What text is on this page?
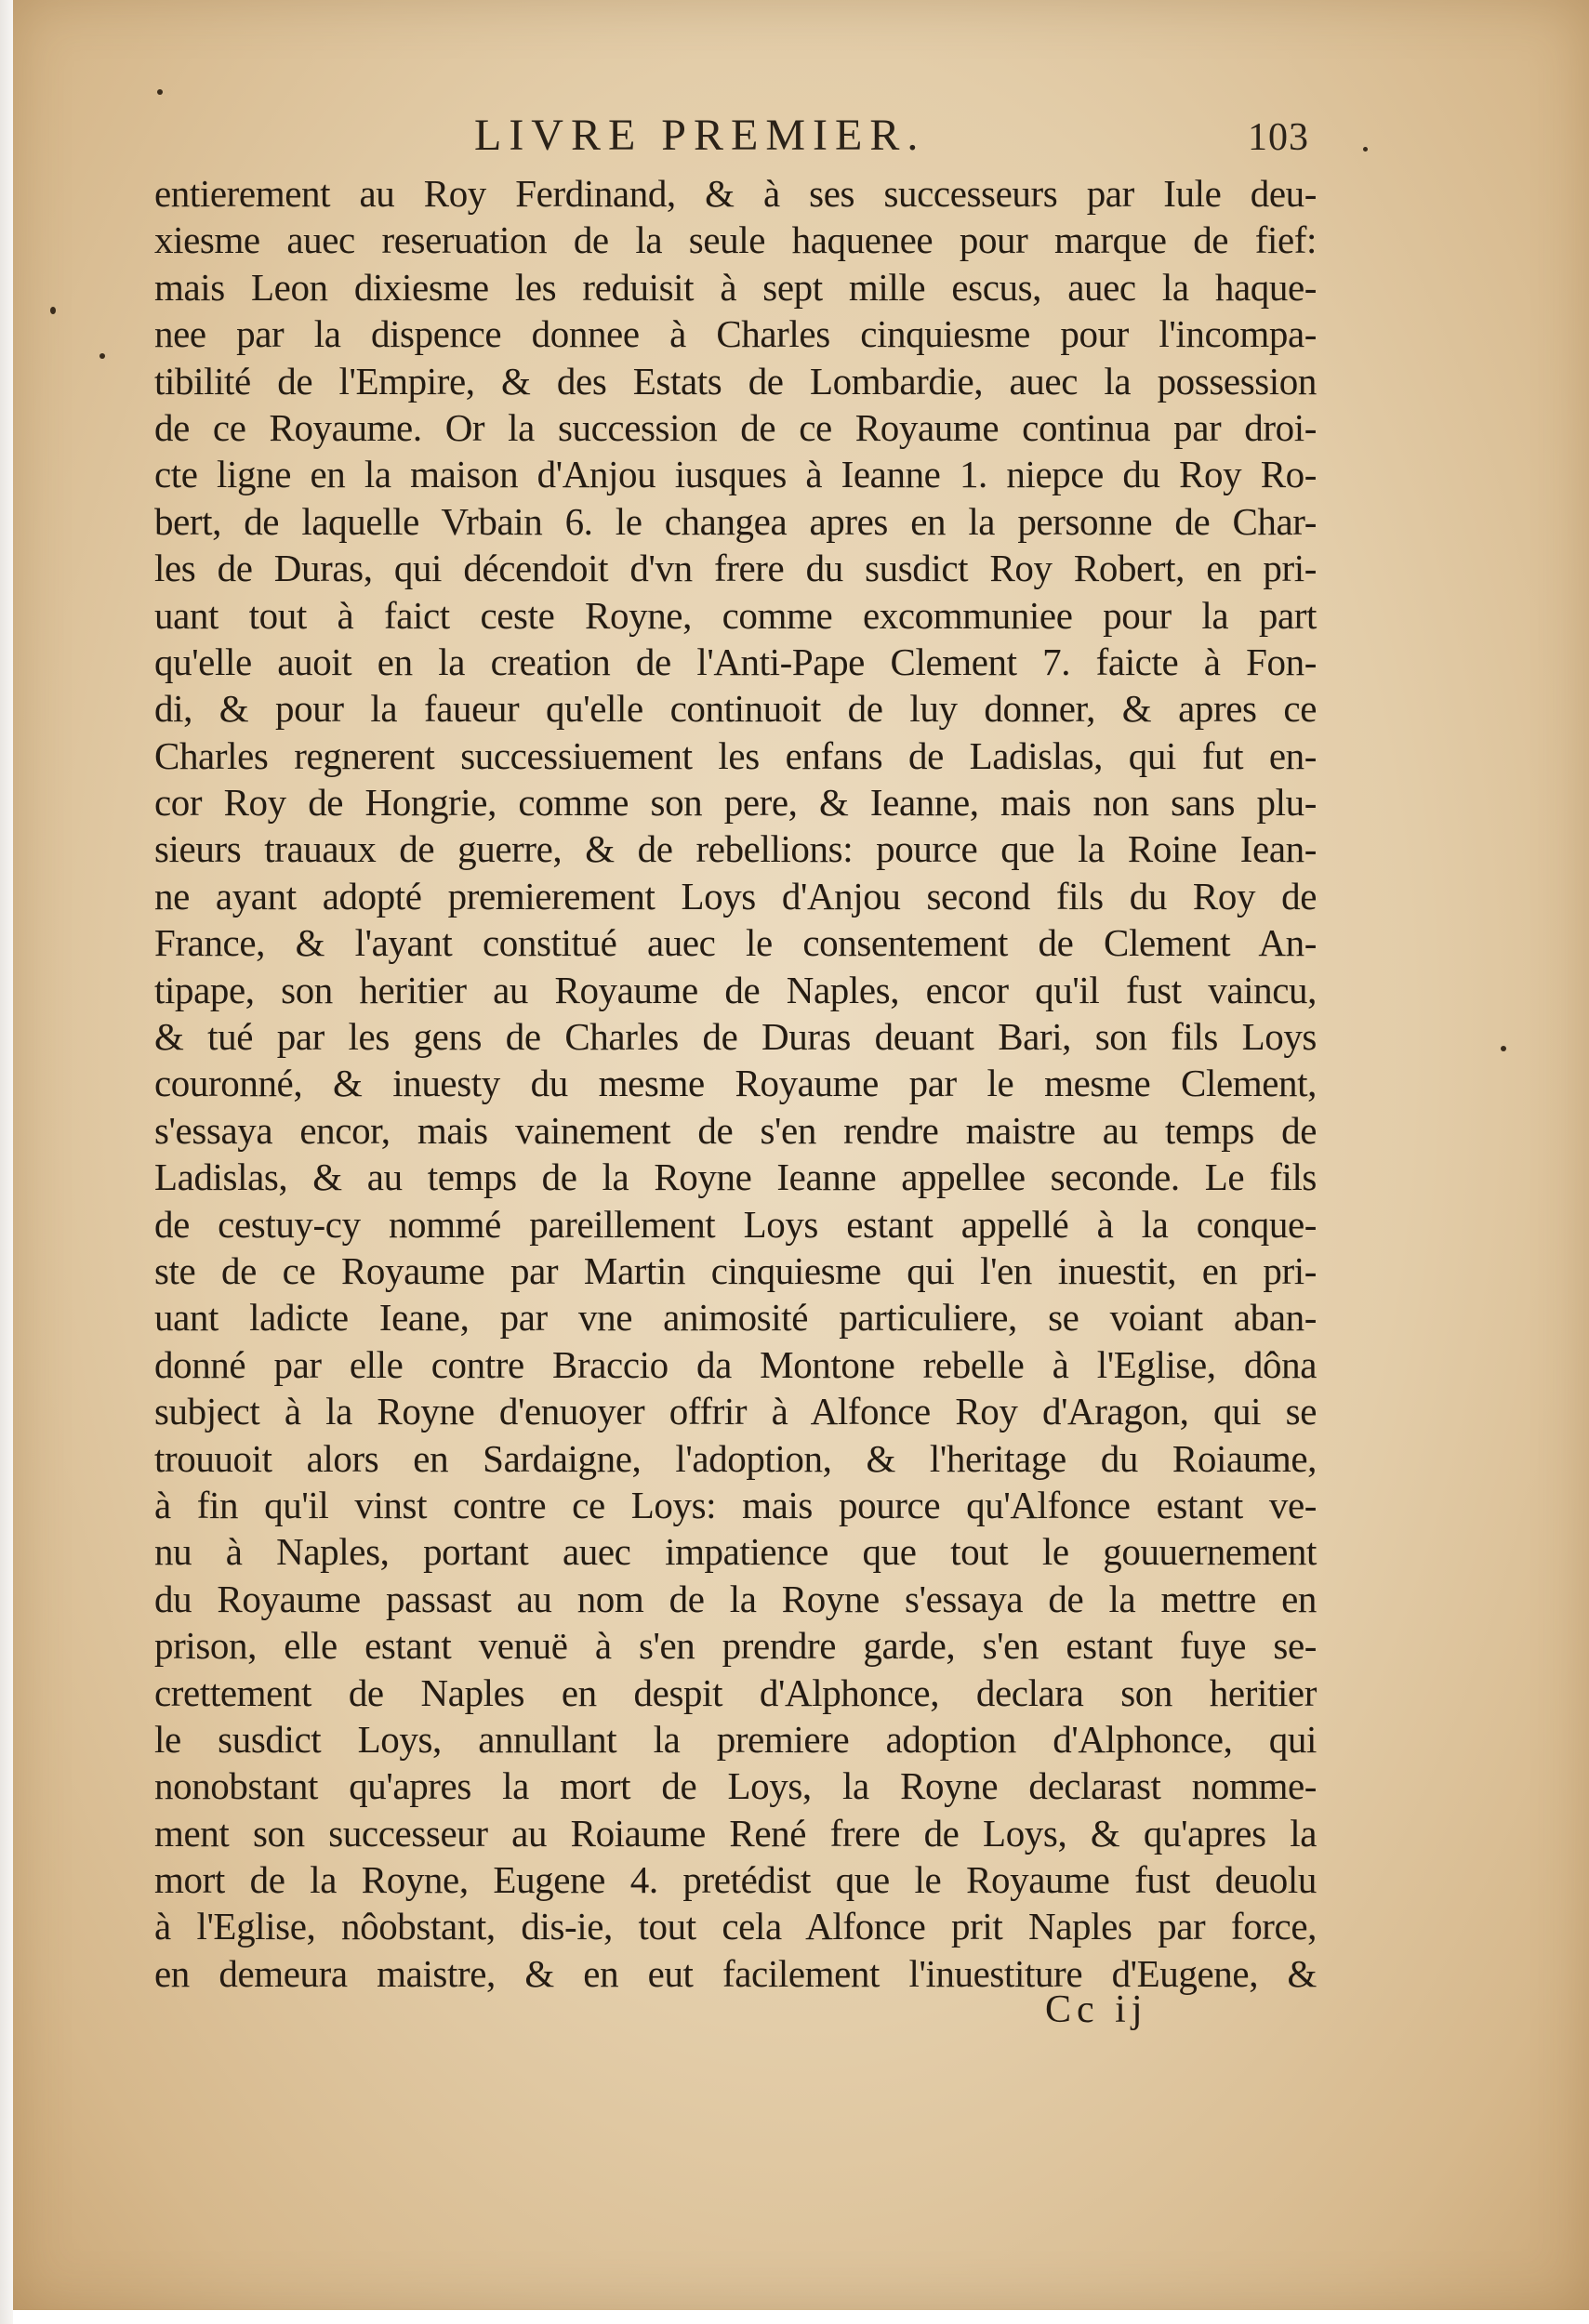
LIVRE PREMIER.	103
entierement au Roy Ferdinand, & à ses successeurs par Iule deu-
xiesme auec reseruation de la seule haquenee pour marque de fief:
mais Leon dixiesme les reduisit à sept mille escus, auec la haque-
nee par la dispence donnee à Charles cinquiesme pour l'incompa-
tibilité de l'Empire, & des Estats de Lombardie, auec la possession
de ce Royaume. Or la succession de ce Royaume continua par droi-
cte ligne en la maison d'Anjou iusques à Ieanne 1. niepce du Roy Ro-
bert, de laquelle Vrbain 6. le changea apres en la personne de Char-
les de Duras, qui décendoit d'vn frere du susdict Roy Robert, en pri-
uant tout à faict ceste Royne, comme excommuniee pour la part
qu'elle auoit en la creation de l'Anti-Pape Clement 7. faicte à Fon-
di, & pour la faueur qu'elle continuoit de luy donner, & apres ce
Charles regnerent successiuement les enfans de Ladislas, qui fut en-
cor Roy de Hongrie, comme son pere, & Ieanne, mais non sans plu-
sieurs trauaux de guerre, & de rebellions: pource que la Roine Iean-
ne ayant adopté premierement Loys d'Anjou second fils du Roy de
France, & l'ayant constitué auec le consentement de Clement An-
tipape, son heritier au Royaume de Naples, encor qu'il fust vaincu,
& tué par les gens de Charles de Duras deuant Bari, son fils Loys
couronné, & inuesty du mesme Royaume par le mesme Clement,
s'essaya encor, mais vainement de s'en rendre maistre au temps de
Ladislas, & au temps de la Royne Ieanne appellee seconde. Le fils
de cestuy-cy nommé pareillement Loys estant appellé à la conque-
ste de ce Royaume par Martin cinquiesme qui l'en inuestit, en pri-
uant ladicte Ieane, par vne animosité particuliere, se voiant aban-
donné par elle contre Braccio da Montone rebelle à l'Eglise, dôna
subject à la Royne d'enuoyer offrir à Alfonce Roy d'Aragon, qui se
trouuoit alors en Sardaigne, l'adoption, & l'heritage du Roiaume,
à fin qu'il vinst contre ce Loys: mais pource qu'Alfonce estant ve-
nu à Naples, portant auec impatience que tout le gouuernement
du Royaume passast au nom de la Royne s'essaya de la mettre en
prison, elle estant venuë à s'en prendre garde, s'en estant fuye se-
crettement de Naples en despit d'Alphonce, declara son heritier
le susdict Loys, annullant la premiere adoption d'Alphonce, qui
nonobstant qu'apres la mort de Loys, la Royne declarast nomme-
ment son successeur au Roiaume René frere de Loys, & qu'apres la
mort de la Royne, Eugene 4. pretédist que le Royaume fust deuolu
à l'Eglise, nôobstant, dis-ie, tout cela Alfonce prit Naples par force,
en demeura maistre, & en eut facilement l'inuestiture d'Eugene, &
Cc ij
